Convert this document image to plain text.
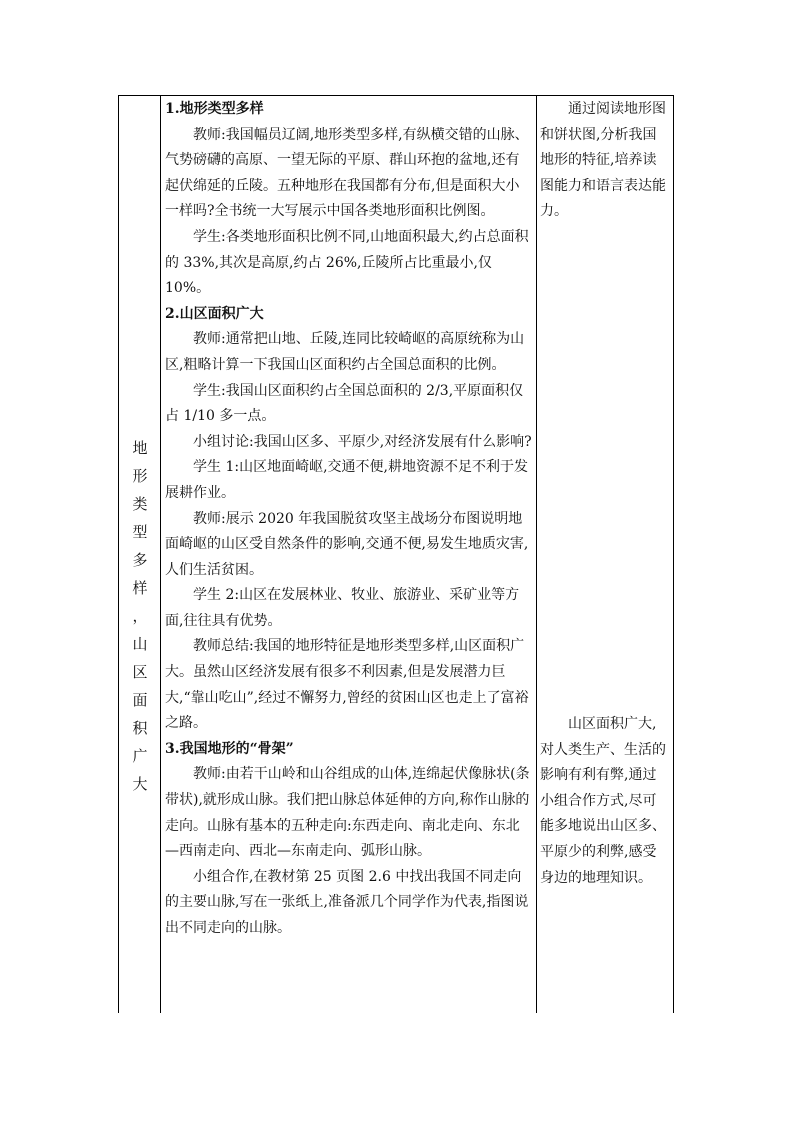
地
形
类
型
多
样
，
山
区
面
积
广
大

1.地形类型多样

教师:我国幅员辽阔,地形类型多样,有纵横交错的山脉、气势磅礴的高原、一望无际的平原、群山环抱的盆地,还有起伏绵延的丘陵。五种地形在我国都有分布,但是面积大小一样吗?全书统一大写展示中国各类地形面积比例图。

学生:各类地形面积比例不同,山地面积最大,约占总面积的 33%,其次是高原,约占 26%,丘陵所占比重最小,仅 10%。

2.山区面积广大

教师:通常把山地、丘陵,连同比较崎岖的高原统称为山区,粗略计算一下我国山区面积约占全国总面积的比例。

学生:我国山区面积约占全国总面积的 2/3,平原面积仅占 1/10 多一点。

小组讨论:我国山区多、平原少,对经济发展有什么影响?

学生 1:山区地面崎岖,交通不便,耕地资源不足不利于发展耕作业。

教师:展示 2020 年我国脱贫攻坚主战场分布图说明地面崎岖的山区受自然条件的影响,交通不便,易发生地质灾害,人们生活贫困。

学生 2:山区在发展林业、牧业、旅游业、采矿业等方面,往往具有优势。

教师总结:我国的地形特征是地形类型多样,山区面积广大。虽然山区经济发展有很多不利因素,但是发展潜力巨大,“靠山吃山”,经过不懈努力,曾经的贫困山区也走上了富裕之路。

3.我国地形的“骨架”

教师:由若干山岭和山谷组成的山体,连绵起伏像脉状(条带状),就形成山脉。我们把山脉总体延伸的方向,称作山脉的走向。山脉有基本的五种走向:东西走向、南北走向、东北—西南走向、西北—东南走向、弧形山脉。

小组合作,在教材第 25 页图 2.6 中找出我国不同走向的主要山脉,写在一张纸上,准备派几个同学作为代表,指图说出不同走向的山脉。

通过阅读地形图和饼状图,分析我国地形的特征,培养读图能力和语言表达能力。

山区面积广大,对人类生产、生活的影响有利有弊,通过小组合作方式,尽可能多地说出山区多、平原少的利弊,感受身边的地理知识。
